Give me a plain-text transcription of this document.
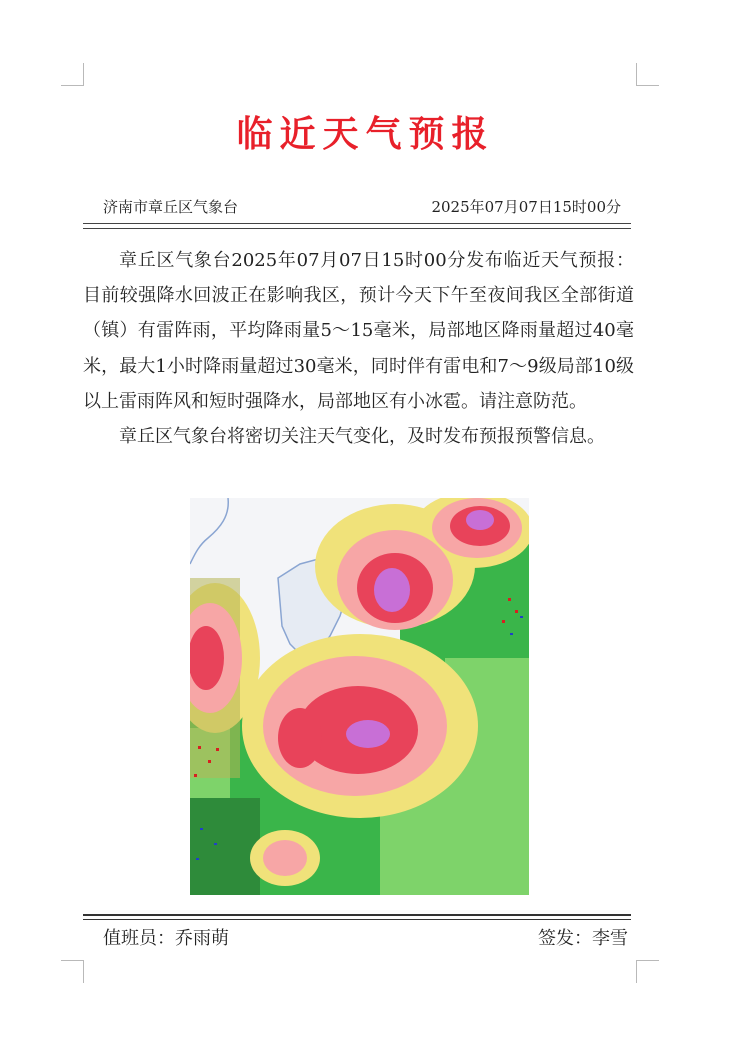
临近天气预报
济南市章丘区气象台	2025年07月07日15时00分

章丘区气象台2025年07月07日15时00分发布临近天气预报：目前较强降水回波正在影响我区，预计今天下午至夜间我区全部街道（镇）有雷阵雨，平均降雨量5～15毫米，局部地区降雨量超过40毫米，最大1小时降雨量超过30毫米，同时伴有雷电和7～9级局部10级以上雷雨阵风和短时强降水，局部地区有小冰雹。请注意防范。

章丘区气象台将密切关注天气变化，及时发布预报预警信息。

值班员：乔雨萌	签发：李雪
